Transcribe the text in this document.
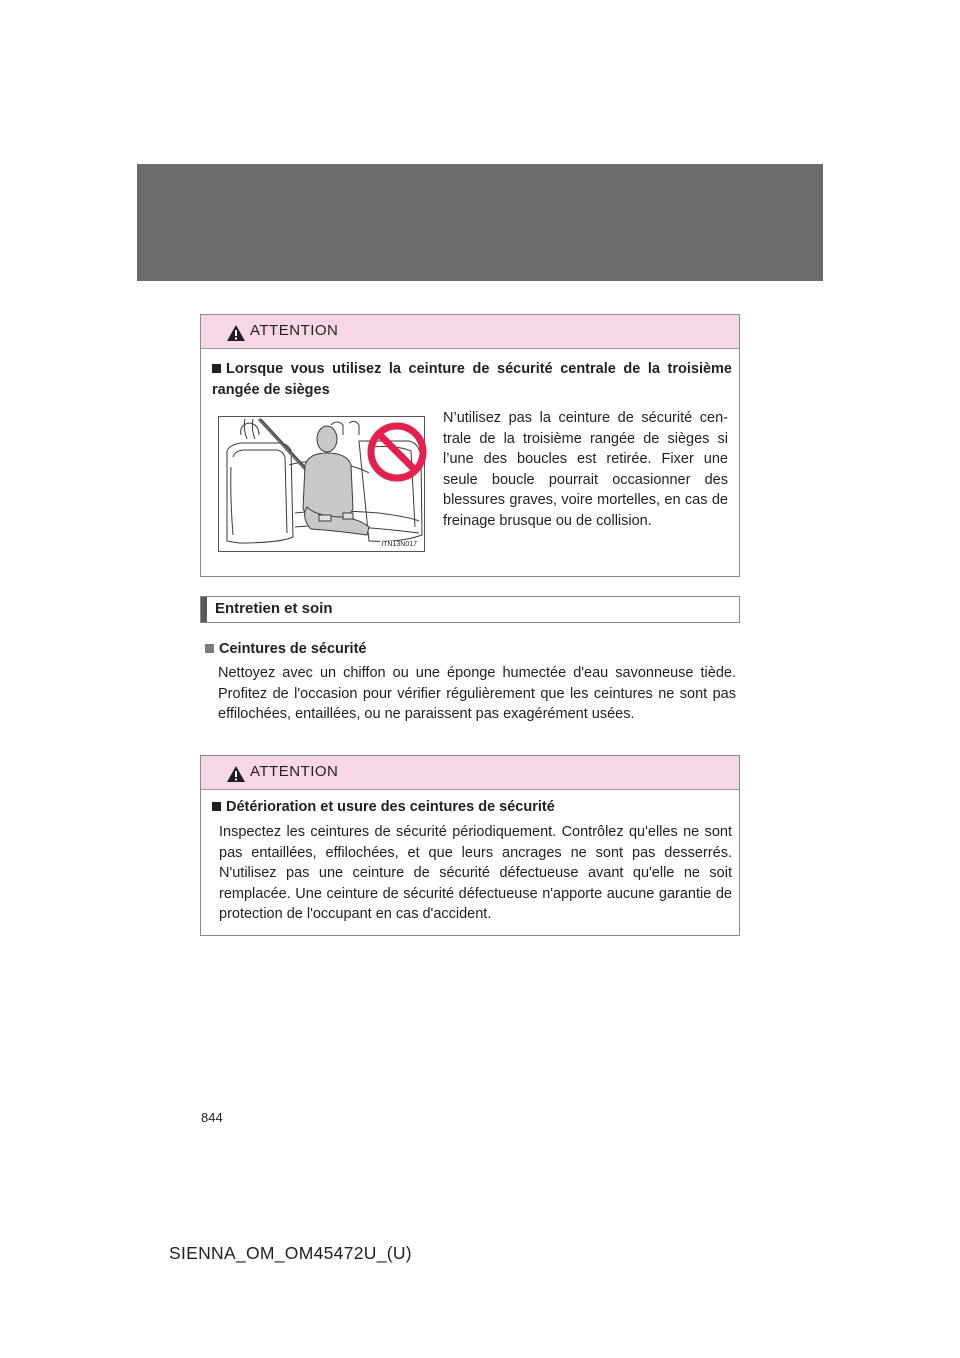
ATTENTION
Lorsque vous utilisez la ceinture de sécurité centrale de la troisième rangée de sièges
ITN13N017
N’utilisez pas la ceinture de sécurité centrale de la troisième rangée de sièges si l’une des boucles est retirée. Fixer une seule boucle pourrait occasionner des blessures graves, voire mortelles, en cas de freinage brusque ou de collision.
Entretien et soin
Ceintures de sécurité
Nettoyez avec un chiffon ou une éponge humectée d'eau savonneuse tiède. Profitez de l'occasion pour vérifier régulièrement que les ceintures ne sont pas effilochées, entaillées, ou ne paraissent pas exagérément usées.
ATTENTION
Détérioration et usure des ceintures de sécurité
Inspectez les ceintures de sécurité périodiquement. Contrôlez qu'elles ne sont pas entaillées, effilochées, et que leurs ancrages ne sont pas desserrés. N'utilisez pas une ceinture de sécurité défectueuse avant qu'elle ne soit remplacée. Une ceinture de sécurité défectueuse n'apporte aucune garantie de protection de l'occupant en cas d'accident.
844
SIENNA_OM_OM45472U_(U)
